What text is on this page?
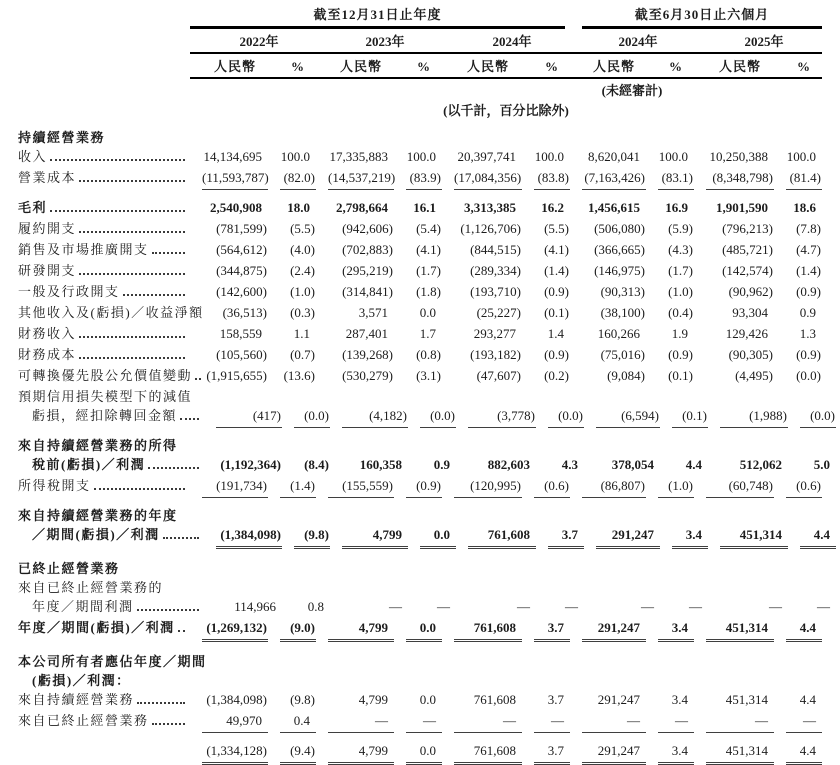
截至12月31日止年度	截至6月30日止六個月
2022年	2023年	2024年	2024年	2025年
人民幣	%	人民幣	%	人民幣	%	人民幣	%	人民幣	%
(未經審計)
(以千計，百分比除外)
持續經營業務
收入	14,134,695	100.0	17,335,883	100.0	20,397,741	100.0	8,620,041	100.0	10,250,388	100.0
營業成本	(11,593,787) (82.0) (14,537,219) (83.9) (17,084,356) (83.8) (7,163,426) (83.1)	(8,348,798) (81.4)
毛利	2,540,908	18.0	2,798,664	16.1	3,313,385	16.2	1,456,615	16.9	1,901,590	18.6
履約開支	(781,599)	(5.5)	(942,606)	(5.4)	(1,126,706)	(5.5)	(506,080)	(5.9)	(796,213)	(7.8)
銷售及市場推廣開支	(564,612)	(4.0)	(702,883)	(4.1)	(844,515)	(4.1)	(366,665)	(4.3)	(485,721)	(4.7)
研發開支	(344,875)	(2.4)	(295,219)	(1.7)	(289,334)	(1.4)	(146,975)	(1.7)	(142,574)	(1.4)
一般及行政開支	(142,600)	(1.0)	(314,841)	(1.8)	(193,710)	(0.9)	(90,313)	(1.0)	(90,962)	(0.9)
其他收入及(虧損)／收益淨額	(36,513)	(0.3)	3,571	0.0	(25,227)	(0.1)	(38,100)	(0.4)	93,304	0.9
財務收入	158,559	1.1	287,401	1.7	293,277	1.4	160,266	1.9	129,426	1.3
財務成本	(105,560)	(0.7)	(139,268)	(0.8)	(193,182)	(0.9)	(75,016)	(0.9)	(90,305)	(0.9)
可轉換優先股公允價值變動	(1,915,655) (13.6)	(530,279)	(3.1)	(47,607)	(0.2)	(9,084)	(0.1)	(4,495)	(0.0)
預期信用損失模型下的減值
虧損，經扣除轉回金額	(417)	(0.0)	(4,182)	(0.0)	(3,778)	(0.0)	(6,594)	(0.1)	(1,988)	(0.0)
來自持續經營業務的所得
稅前(虧損)／利潤	(1,192,364)	(8.4)	160,358	0.9	882,603	4.3	378,054	4.4	512,062	5.0
所得稅開支	(191,734)	(1.4)	(155,559)	(0.9)	(120,995)	(0.6)	(86,807)	(1.0)	(60,748)	(0.6)
來自持續經營業務的年度
／期間(虧損)／利潤	(1,384,098)	(9.8)	4,799	0.0	761,608	3.7	291,247	3.4	451,314	4.4
已終止經營業務
來自已終止經營業務的
年度／期間利潤	114,966	0.8	—	—	—	—	—	—	—	—
年度／期間(虧損)／利潤	(1,269,132)	(9.0)	4,799	0.0	761,608	3.7	291,247	3.4	451,314	4.4
本公司所有者應佔年度／期間
(虧損)／利潤：
來自持續經營業務	(1,384,098)	(9.8)	4,799	0.0	761,608	3.7	291,247	3.4	451,314	4.4
來自已終止經營業務	49,970	0.4	—	—	—	—	—	—	—	—
(1,334,128)	(9.4)	4,799	0.0	761,608	3.7	291,247	3.4	451,314	4.4
